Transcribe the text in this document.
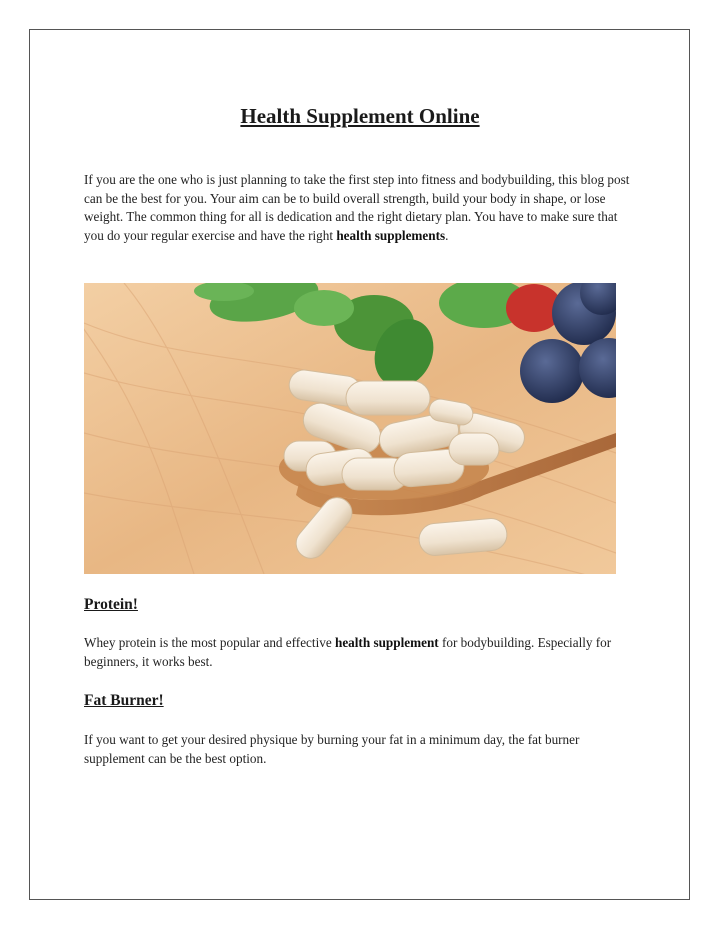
Health Supplement Online
If you are the one who is just planning to take the first step into fitness and bodybuilding, this blog post can be the best for you. Your aim can be to build overall strength, build your body in shape, or lose weight. The common thing for all is dedication and the right dietary plan. You have to make sure that you do your regular exercise and have the right health supplements.
Protein!
Whey protein is the most popular and effective health supplement for bodybuilding. Especially for beginners, it works best.
Fat Burner!
If you want to get your desired physique by burning your fat in a minimum day, the fat burner supplement can be the best option.
